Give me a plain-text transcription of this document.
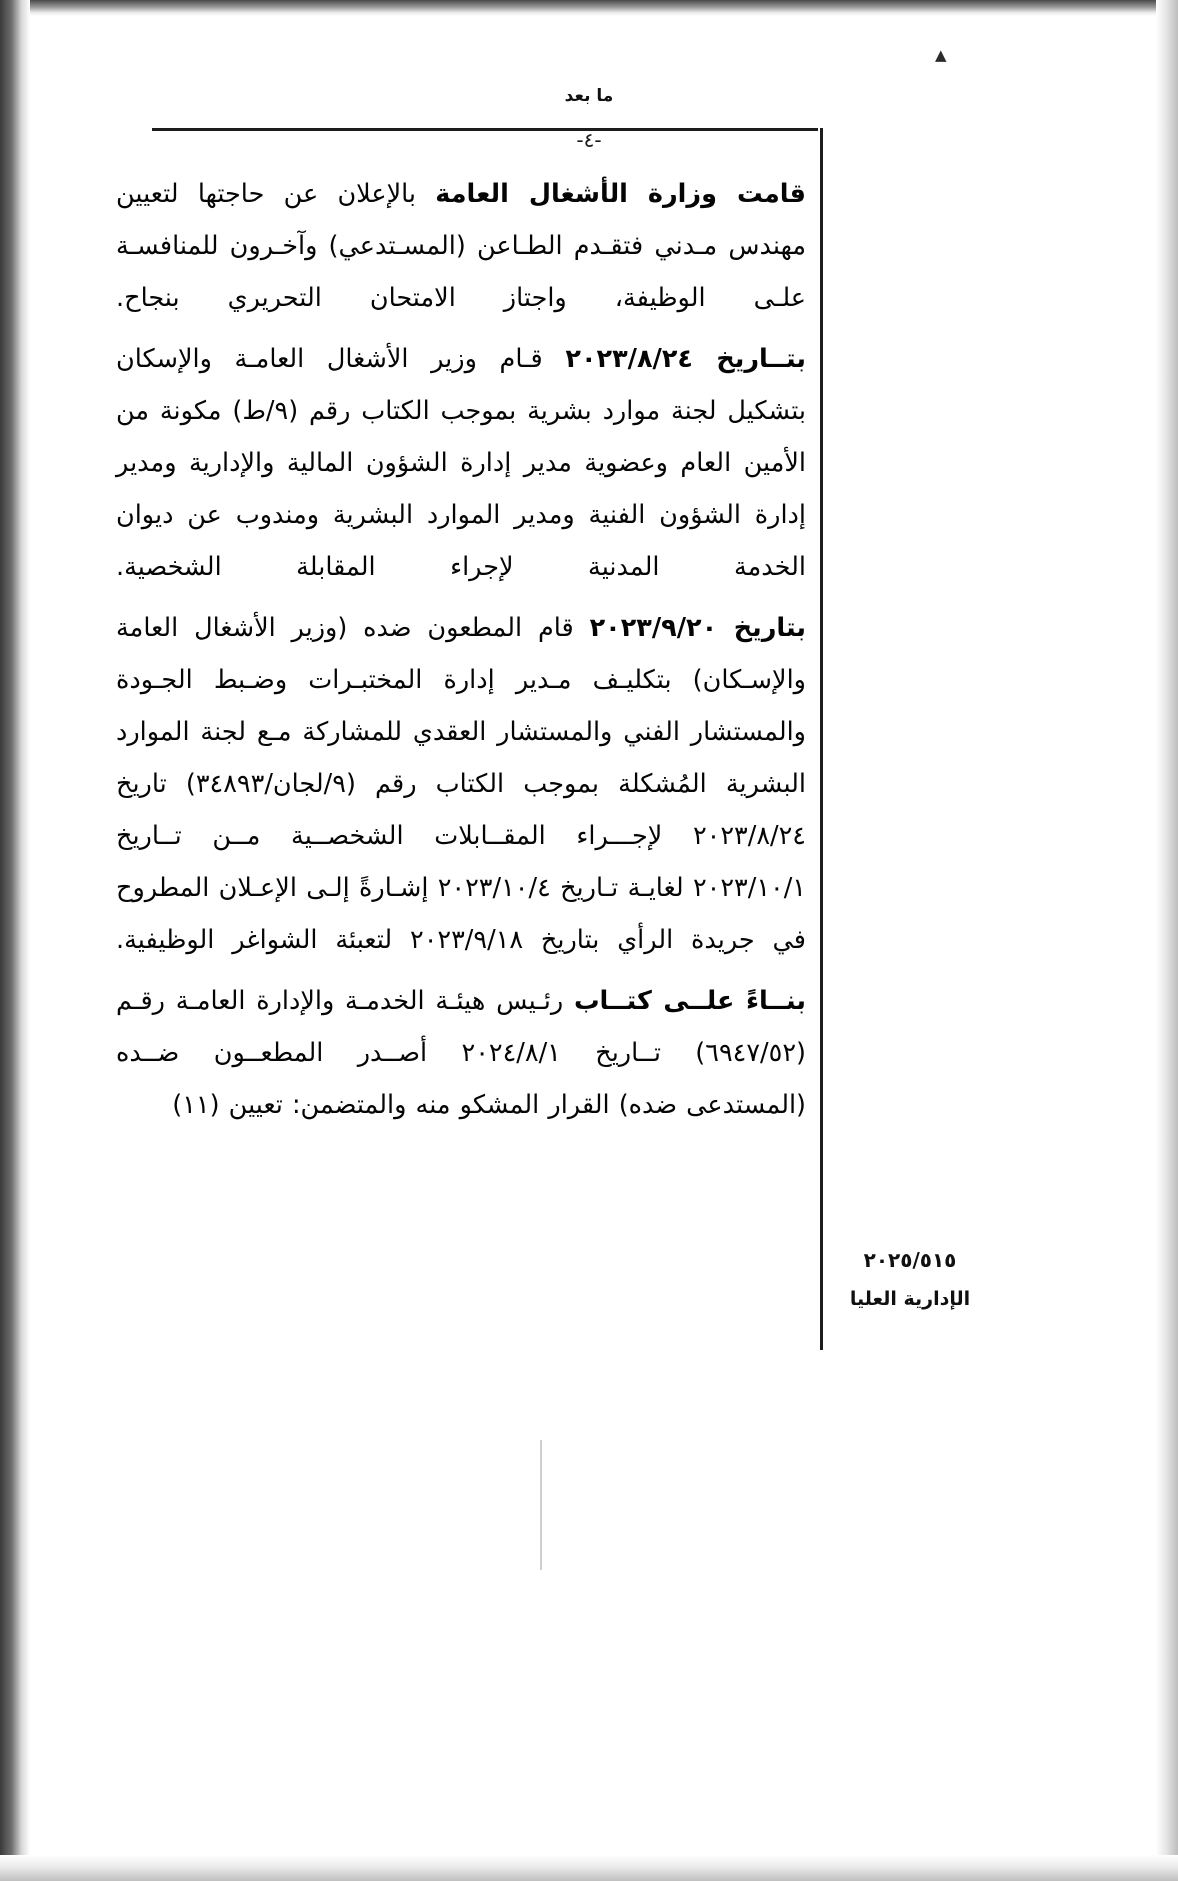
▲
ما بعد
-٤-

قامت وزارة الأشغال العامة بالإعلان عن حاجتها لتعيين مهندس مـدني فتقـدم الطـاعن (المسـتدعي) وآخـرون للمنافسـة علـى الوظيفة، واجتاز الامتحان التحريري بنجاح.

بتــاريخ ٢٠٢٣/٨/٢٤ قـام وزير الأشغال العامـة والإسكان بتشكيل لجنة موارد بشرية بموجب الكتاب رقم (٩/ط) مكونة من الأمين العام وعضوية مدير إدارة الشؤون المالية والإدارية ومدير إدارة الشؤون الفنية ومدير الموارد البشرية ومندوب عن ديوان الخدمة المدنية لإجراء المقابلة الشخصية.

بتاريخ ٢٠٢٣/٩/٢٠ قام المطعون ضده (وزير الأشغال العامة والإسـكان) بتكليـف مـدير إدارة المختبـرات وضـبط الجـودة والمستشار الفني والمستشار العقدي للمشاركة مـع لجنة الموارد البشرية المُشكلة بموجب الكتاب رقم (٩/لجان/٣٤٨٩٣) تاريخ ٢٠٢٣/٨/٢٤ لإجـــراء المقــابلات الشخصــية مــن تــاريخ ٢٠٢٣/١٠/١ لغايـة تـاريخ ٢٠٢٣/١٠/٤ إشـارةً إلـى الإعـلان المطروح في جريدة الرأي بتاريخ ٢٠٢٣/٩/١٨ لتعبئة الشواغر الوظيفية.

بنــاءً علــى كتــاب رئـيس هيئـة الخدمـة والإدارة العامـة رقـم (٦٩٤٧/٥٢) تــاريخ ٢٠٢٤/٨/١ أصــدر المطعــون ضــده (المستدعى ضده) القرار المشكو منه والمتضمن: تعيين (١١)

٢٠٢٥/٥١٥
الإدارية العليا
